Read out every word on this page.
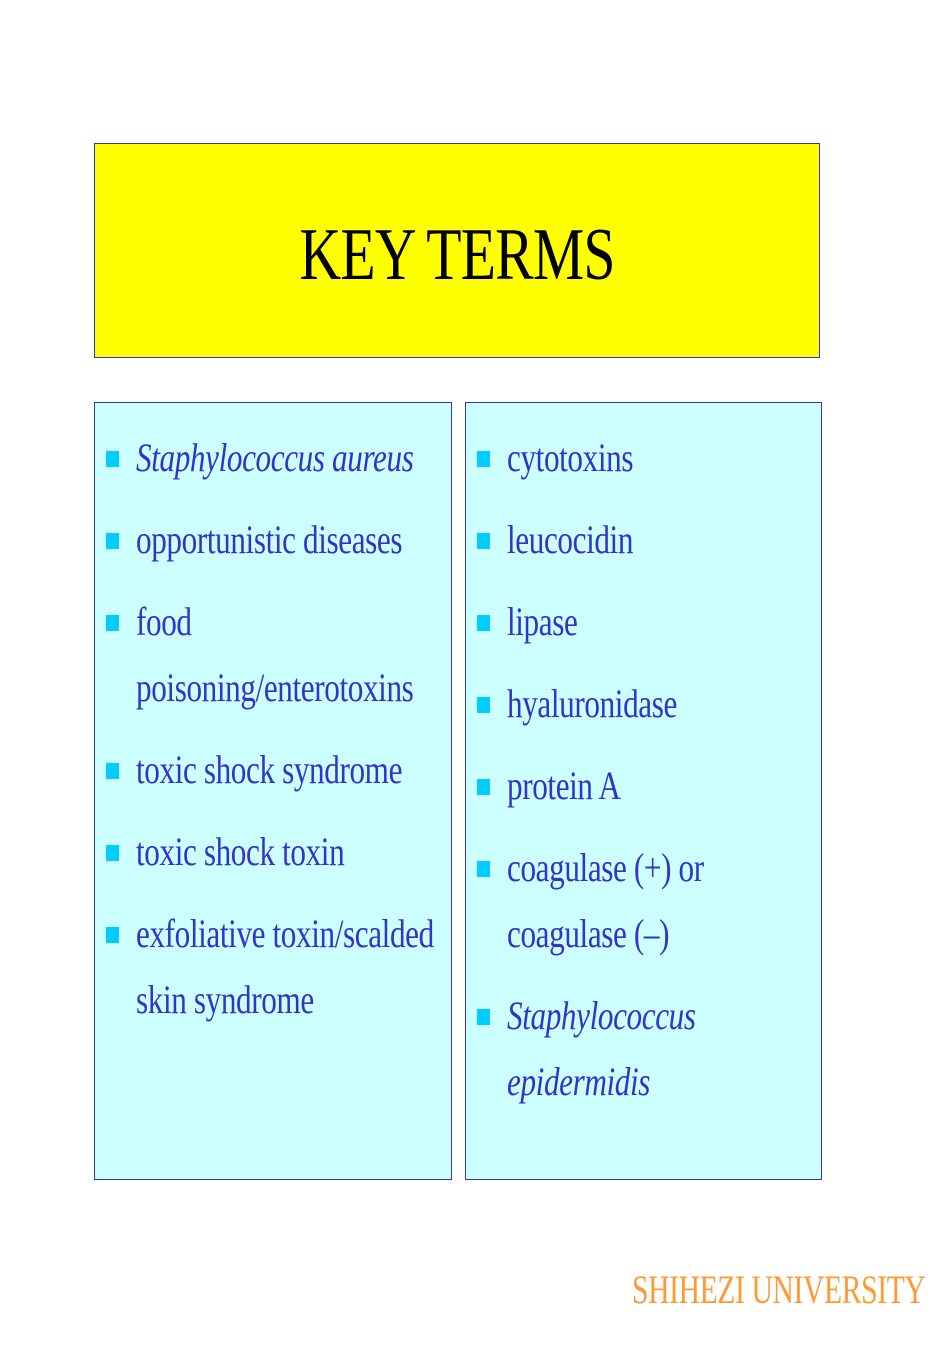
KEY TERMS
Staphylococcus aureus
opportunistic diseases
food
poisoning/enterotoxins
toxic shock syndrome
toxic shock toxin
exfoliative toxin/scalded
skin syndrome
cytotoxins
leucocidin
lipase
hyaluronidase
protein A
coagulase (+) or
coagulase (–)
Staphylococcus
epidermidis
SHIHEZI UNIVERSITY
